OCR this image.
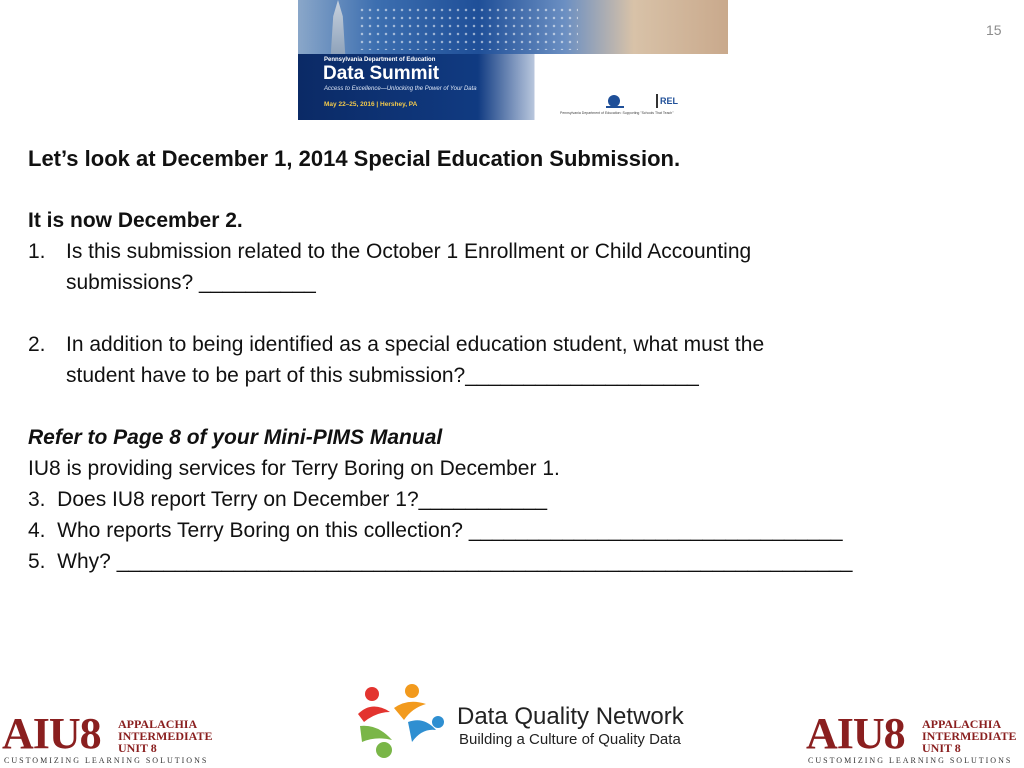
15
Pennsylvania Department of Education
Data Summit
Access to Excellence—Unlocking the Power of Your Data
May 22–25, 2016 | Hershey, PA	REL
Pennsylvania Department of Education: Supporting "Schools That Teach"
Let’s look at December 1, 2014 Special Education Submission.
It is now December 2.
1. Is this submission related to the October 1 Enrollment or Child Accounting
submissions? __________
2. In addition to being identified as a special education student, what must the
student have to be part of this submission?____________________
Refer to Page 8 of your Mini-PIMS Manual
IU8 is providing services for Terry Boring on December 1.
3.  Does IU8 report Terry on December 1?___________
4.  Who reports Terry Boring on this collection? ________________________________
5.  Why? _______________________________________________________________
AIU8 APPALACHIA
INTERMEDIATE
UNIT 8
CUSTOMIZING LEARNING SOLUTIONS
Data Quality Network
Building a Culture of Quality Data	AIU8 APPALACHIA
INTERMEDIATE
UNIT 8
CUSTOMIZING LEARNING SOLUTIONS
